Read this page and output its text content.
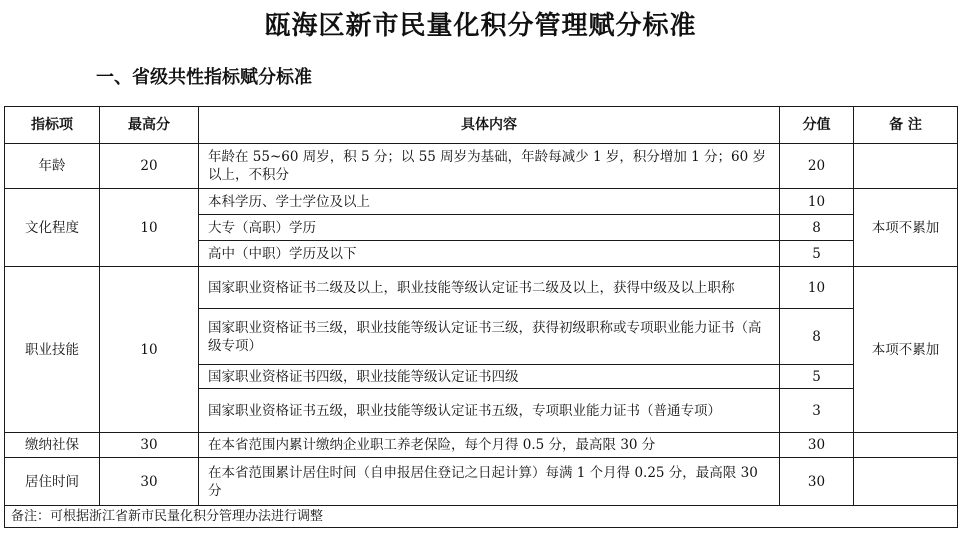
瓯海区新市民量化积分管理赋分标准
一、省级共性指标赋分标准
指标项	最高分	具体内容	分值	备 注
年龄	20	年龄在 55~60 周岁，积 5 分；以 55 周岁为基础，年龄每减少 1 岁，积分增加 1 分；60 岁以上，不积分	20	
文化程度	10	本科学历、学士学位及以上	10	本项不累加
		大专（高职）学历	8	
		高中（中职）学历及以下	5	
职业技能	10	国家职业资格证书二级及以上，职业技能等级认定证书二级及以上，获得中级及以上职称	10	本项不累加
		国家职业资格证书三级，职业技能等级认定证书三级，获得初级职称或专项职业能力证书（高级专项）	8	
		国家职业资格证书四级，职业技能等级认定证书四级	5	
		国家职业资格证书五级，职业技能等级认定证书五级，专项职业能力证书（普通专项）	3	
缴纳社保	30	在本省范围内累计缴纳企业职工养老保险，每个月得 0.5 分，最高限 30 分	30	
居住时间	30	在本省范围累计居住时间（自申报居住登记之日起计算）每满 1 个月得 0.25 分，最高限 30 分	30	
备注：可根据浙江省新市民量化积分管理办法进行调整				
